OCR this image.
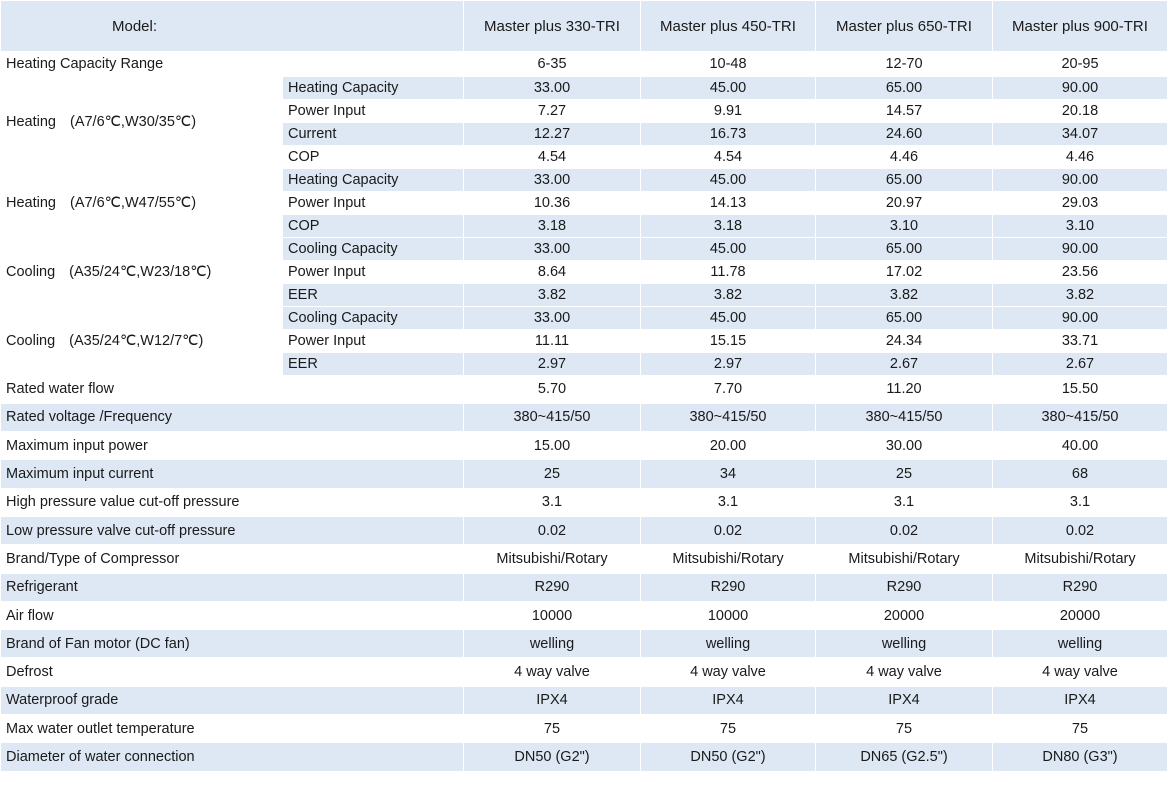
Model:		Master plus 330-TRI	Master plus 450-TRI	Master plus 650-TRI	Master plus 900-TRI
Heating Capacity Range		6-35	10-48	12-70	20-95
Heating (A7/6℃,W30/35℃)	Heating Capacity	33.00	45.00	65.00	90.00
	Power Input	7.27	9.91	14.57	20.18
	Current	12.27	16.73	24.60	34.07
	COP	4.54	4.54	4.46	4.46
Heating (A7/6℃,W47/55℃)	Heating Capacity	33.00	45.00	65.00	90.00
	Power Input	10.36	14.13	20.97	29.03
	COP	3.18	3.18	3.10	3.10
Cooling (A35/24℃,W23/18℃)	Cooling Capacity	33.00	45.00	65.00	90.00
	Power Input	8.64	11.78	17.02	23.56
	EER	3.82	3.82	3.82	3.82
Cooling (A35/24℃,W12/7℃)	Cooling Capacity	33.00	45.00	65.00	90.00
	Power Input	11.11	15.15	24.34	33.71
	EER	2.97	2.97	2.67	2.67
Rated water flow		5.70	7.70	11.20	15.50
Rated voltage /Frequency		380~415/50	380~415/50	380~415/50	380~415/50
Maximum input power		15.00	20.00	30.00	40.00
Maximum input current		25	34	25	68
High pressure value cut-off pressure		3.1	3.1	3.1	3.1
Low pressure valve cut-off pressure		0.02	0.02	0.02	0.02
Brand/Type of Compressor		Mitsubishi/Rotary	Mitsubishi/Rotary	Mitsubishi/Rotary	Mitsubishi/Rotary
Refrigerant		R290	R290	R290	R290
Air flow		10000	10000	20000	20000
Brand of Fan motor (DC fan)		welling	welling	welling	welling
Defrost		4 way valve	4 way valve	4 way valve	4 way valve
Waterproof grade		IPX4	IPX4	IPX4	IPX4
Max water outlet temperature		75	75	75	75
Diameter of water connection		DN50 (G2")	DN50 (G2")	DN65 (G2.5")	DN80 (G3")
